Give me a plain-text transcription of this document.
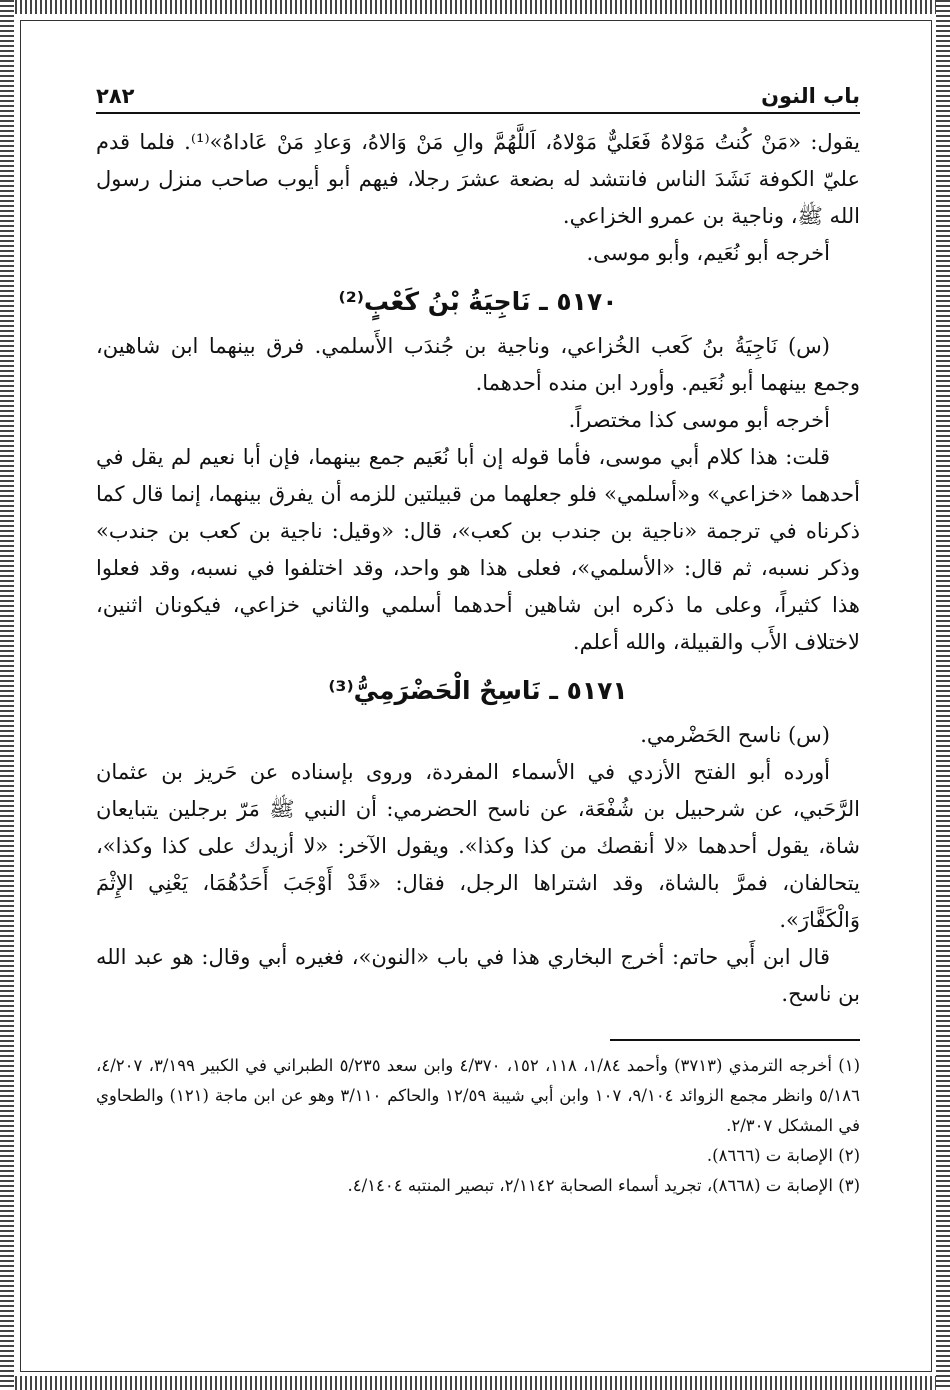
باب النون
٢٨٢

يقول: «مَنْ كُنتُ مَوْلاهُ فَعَليٌّ مَوْلاهُ، اَللَّهُمَّ والِ مَنْ وَالاهُ، وَعادِ مَنْ عَاداهُ»⁽¹⁾. فلما قدم عليّ الكوفة نَشَدَ الناس فانتشد له بضعة عشرَ رجلا، فيهم أبو أيوب صاحب منزل رسول الله ﷺ، وناجية بن عمرو الخزاعي.

أخرجه أبو نُعَيم، وأبو موسى.

٥١٧٠ ـ نَاجِيَةُ بْنُ كَعْبٍ⁽²⁾

(س) نَاجِيَةُ بنُ كَعب الخُزاعي، وناجية بن جُندَب الأَسلمي. فرق بينهما ابن شاهين، وجمع بينهما أبو نُعَيم. وأورد ابن منده أحدهما.

أخرجه أبو موسى كذا مختصراً.

قلت: هذا كلام أبي موسى، فأما قوله إن أبا نُعَيم جمع بينهما، فإن أبا نعيم لم يقل في أحدهما «خزاعي» و«أسلمي» فلو جعلهما من قبيلتين للزمه أن يفرق بينهما، إنما قال كما ذكرناه في ترجمة «ناجية بن جندب بن كعب»، قال: «وقيل: ناجية بن كعب بن جندب» وذكر نسبه، ثم قال: «الأسلمي»، فعلى هذا هو واحد، وقد اختلفوا في نسبه، وقد فعلوا هذا كثيراً، وعلى ما ذكره ابن شاهين أحدهما أسلمي والثاني خزاعي، فيكونان اثنين، لاختلاف الأَب والقبيلة، والله أعلم.

٥١٧١ ـ نَاسِحٌ الْحَضْرَمِيُّ⁽³⁾

(س) ناسح الحَضْرمي.

أورده أبو الفتح الأزدي في الأسماء المفردة، وروى بإسناده عن حَريز بن عثمان الرَّحَبي، عن شرحبيل بن شُفْعَة، عن ناسح الحضرمي: أن النبي ﷺ مَرّ برجلين يتبايعان شاة، يقول أحدهما «لا أنقصك من كذا وكذا». ويقول الآخر: «لا أزيدك على كذا وكذا»، يتحالفان، فمرَّ بالشاة، وقد اشتراها الرجل، فقال: «قَدْ أَوْجَبَ أَحَدُهُمَا، يَعْنِي الإِثْمَ وَالْكَفَّارَ».

قال ابن أَبي حاتم: أخرج البخاري هذا في باب «النون»، فغيره أبي وقال: هو عبد الله بن ناسح.

(١) أخرجه الترمذي (٣٧١٣) وأحمد ١/٨٤، ١١٨، ١٥٢، ٤/٣٧٠ وابن سعد ٥/٢٣٥ الطبراني في الكبير ٣/١٩٩، ٤/٢٠٧، ٥/١٨٦ وانظر مجمع الزوائد ٩/١٠٤، ١٠٧ وابن أبي شيبة ١٢/٥٩ والحاكم ٣/١١٠ وهو عن ابن ماجة (١٢١) والطحاوي في المشكل ٢/٣٠٧.

(٢) الإصابة ت (٨٦٦٦).

(٣) الإصابة ت (٨٦٦٨)، تجريد أسماء الصحابة ٢/١١٤٢، تبصير المنتبه ٤/١٤٠٤.
